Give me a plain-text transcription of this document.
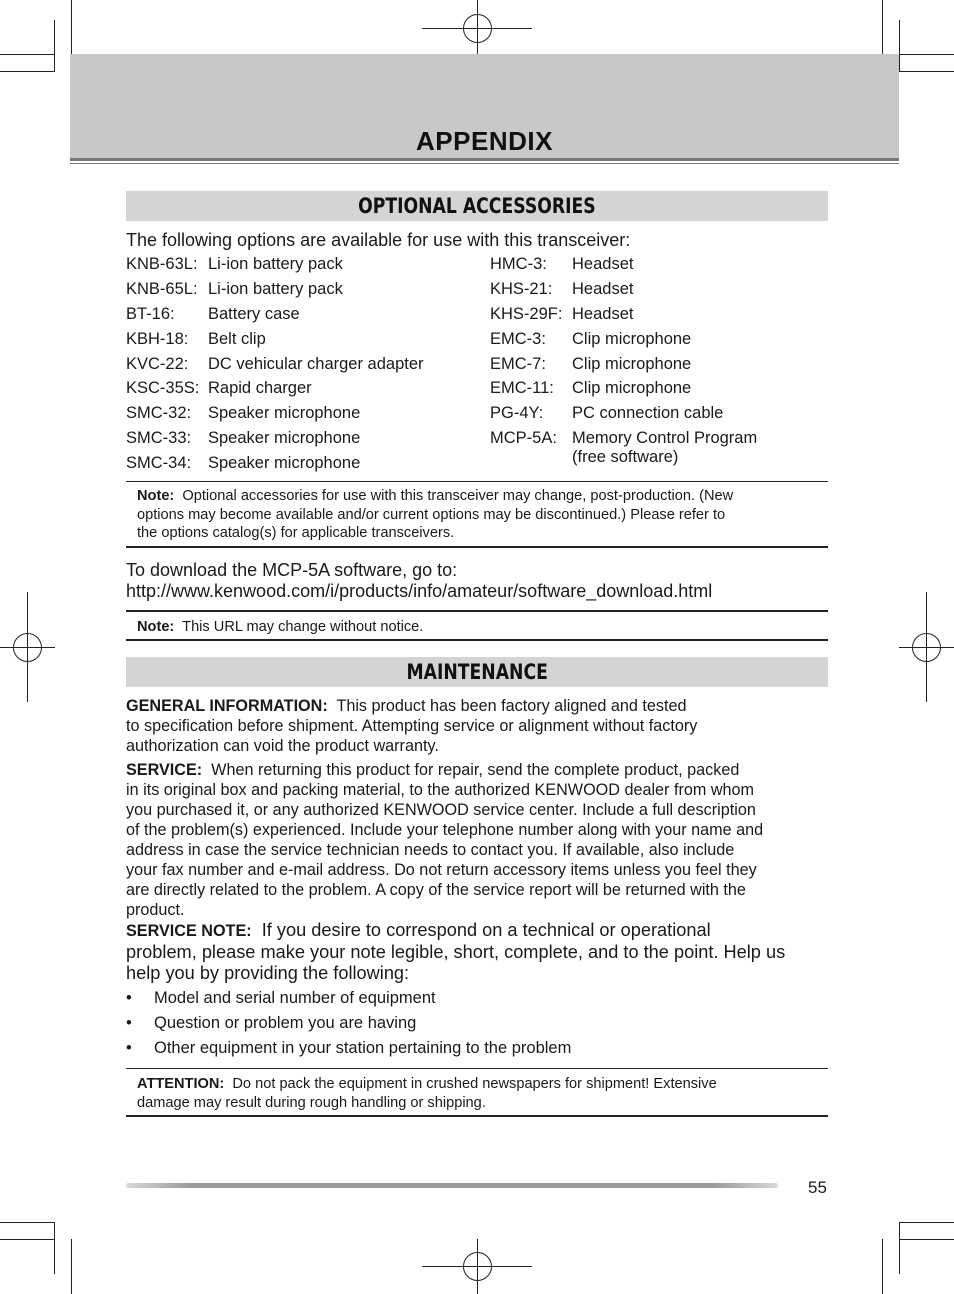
APPENDIX
OPTIONAL ACCESSORIES
The following options are available for use with this transceiver:
KNB-63L: Li-ion battery pack
KNB-65L: Li-ion battery pack
BT-16: Battery case
KBH-18: Belt clip
KVC-22: DC vehicular charger adapter
KSC-35S: Rapid charger
SMC-32: Speaker microphone
SMC-33: Speaker microphone
SMC-34: Speaker microphone
HMC-3: Headset
KHS-21: Headset
KHS-29F: Headset
EMC-3: Clip microphone
EMC-7: Clip microphone
EMC-11: Clip microphone
PG-4Y: PC connection cable
MCP-5A: Memory Control Program
(free software)
Note: Optional accessories for use with this transceiver may change, post-production. (New
options may become available and/or current options may be discontinued.) Please refer to
the options catalog(s) for applicable transceivers.
To download the MCP-5A software, go to:
http://www.kenwood.com/i/products/info/amateur/software_download.html
Note: This URL may change without notice.
MAINTENANCE
GENERAL INFORMATION: This product has been factory aligned and tested
to specification before shipment. Attempting service or alignment without factory
authorization can void the product warranty.
SERVICE: When returning this product for repair, send the complete product, packed
in its original box and packing material, to the authorized KENWOOD dealer from whom
you purchased it, or any authorized KENWOOD service center. Include a full description
of the problem(s) experienced. Include your telephone number along with your name and
address in case the service technician needs to contact you. If available, also include
your fax number and e-mail address. Do not return accessory items unless you feel they
are directly related to the problem. A copy of the service report will be returned with the
product.
SERVICE NOTE: If you desire to correspond on a technical or operational
problem, please make your note legible, short, complete, and to the point. Help us
help you by providing the following:
• Model and serial number of equipment
• Question or problem you are having
• Other equipment in your station pertaining to the problem
ATTENTION: Do not pack the equipment in crushed newspapers for shipment! Extensive
damage may result during rough handling or shipping.
55
